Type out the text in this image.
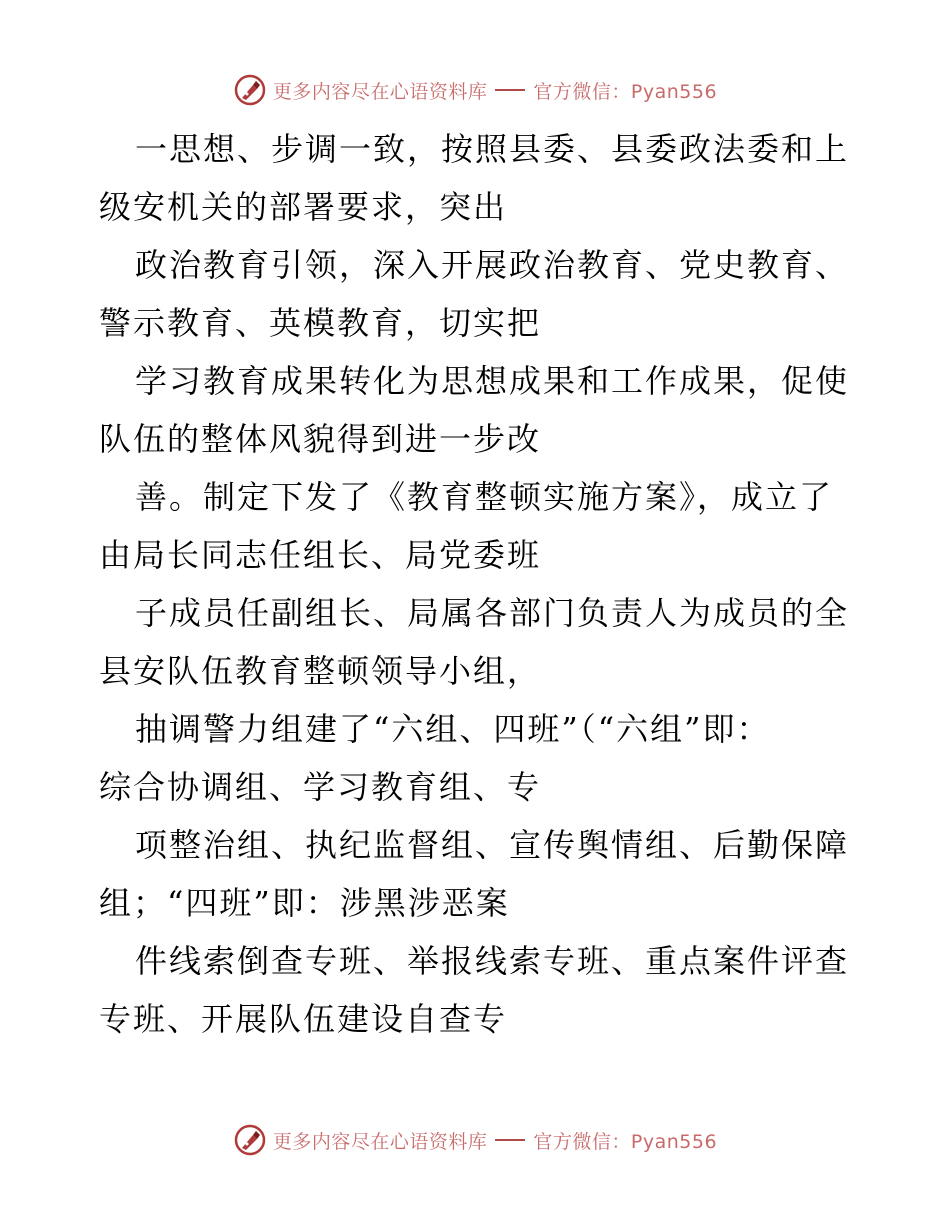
更多内容尽在心语资料库 官方微信：Pyan556

一思想、步调一致，按照县委、县委政法委和上
级安机关的部署要求，突出

政治教育引领，深入开展政治教育、党史教育、
警示教育、英模教育，切实把

学习教育成果转化为思想成果和工作成果，促使
队伍的整体风貌得到进一步改

善。制定下发了《教育整顿实施方案》，成立了
由局长同志任组长、局党委班

子成员任副组长、局属各部门负责人为成员的全
县安队伍教育整顿领导小组，

抽调警力组建了“六组、四班”（“六组”即：
综合协调组、学习教育组、专

项整治组、执纪监督组、宣传舆情组、后勤保障
组；“四班”即：涉黑涉恶案

件线索倒查专班、举报线索专班、重点案件评查
专班、开展队伍建设自查专

更多内容尽在心语资料库 官方微信：Pyan556
